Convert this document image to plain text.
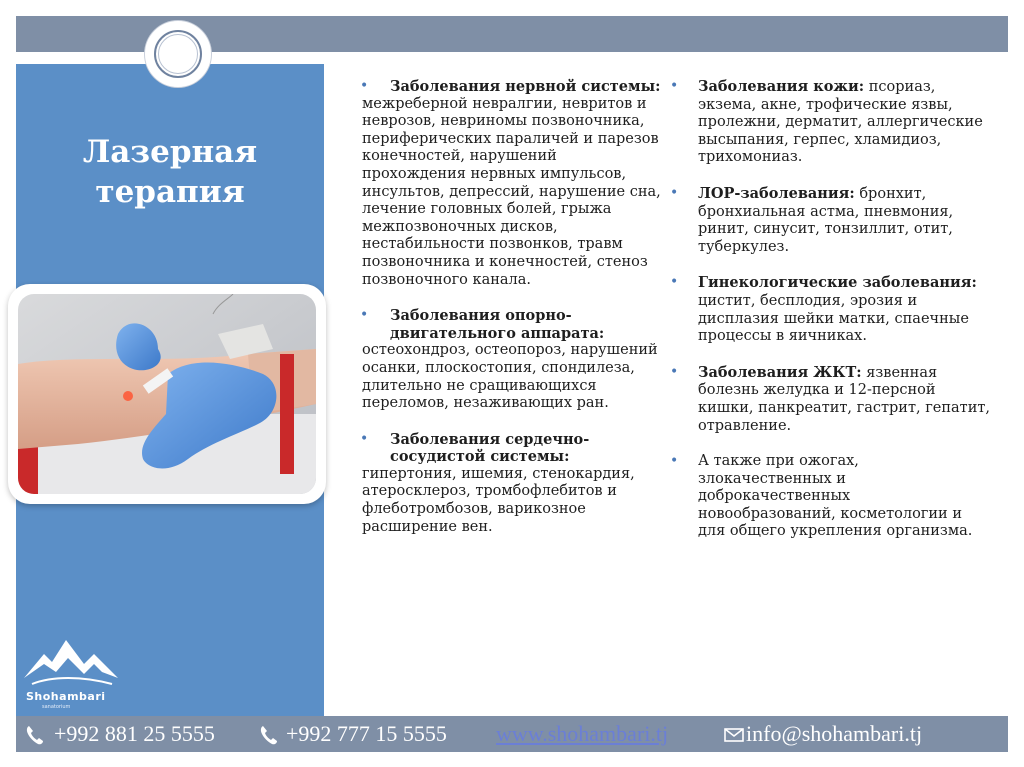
Лазерная
терапия
Shohambari
sanatorium
•	Заболевания нервной системы:
межреберной невралгии, невритов и неврозов, невриномы позвоночника, периферических параличей и парезов конечностей, нарушений прохождения нервных импульсов, инсультов, депрессий, нарушение сна, лечение головных болей, грыжа межпозвоночных дисков, нестабильности позвонков, травм позвоночника и конечностей, стеноз позвоночного канала.
•	Заболевания опорно-двигательного аппарата:
остеохондроз, остеопороз, нарушений осанки, плоскостопия, спондилеза, длительно не сращивающихся переломов, незаживающих ран.
•	Заболевания сердечно-сосудистой системы:
гипертония, ишемия, стенокардия, атеросклероз, тромбофлебитов и флеботромбозов, варикозное расширение вен.
• Заболевания кожи: псориаз, экзема, акне, трофические язвы, пролежни, дерматит, аллергические высыпания, герпес, хламидиоз, трихомониаз.
• ЛОР-заболевания: бронхит, бронхиальная астма, пневмония, ринит, синусит, тонзиллит, отит, туберкулез.
• Гинекологические заболевания: цистит, бесплодия, эрозия и дисплазия шейки матки, спаечные процессы в яичниках.
• Заболевания ЖКТ: язвенная болезнь желудка и 12-персной кишки, панкреатит, гастрит, гепатит, отравление.
• А также при ожогах, злокачественных и доброкачественных новообразований, косметологии и для общего укрепления организма.
+992 881 25 5555	+992 777 15 5555 www.shohambari.tj	info@shohambari.tj
